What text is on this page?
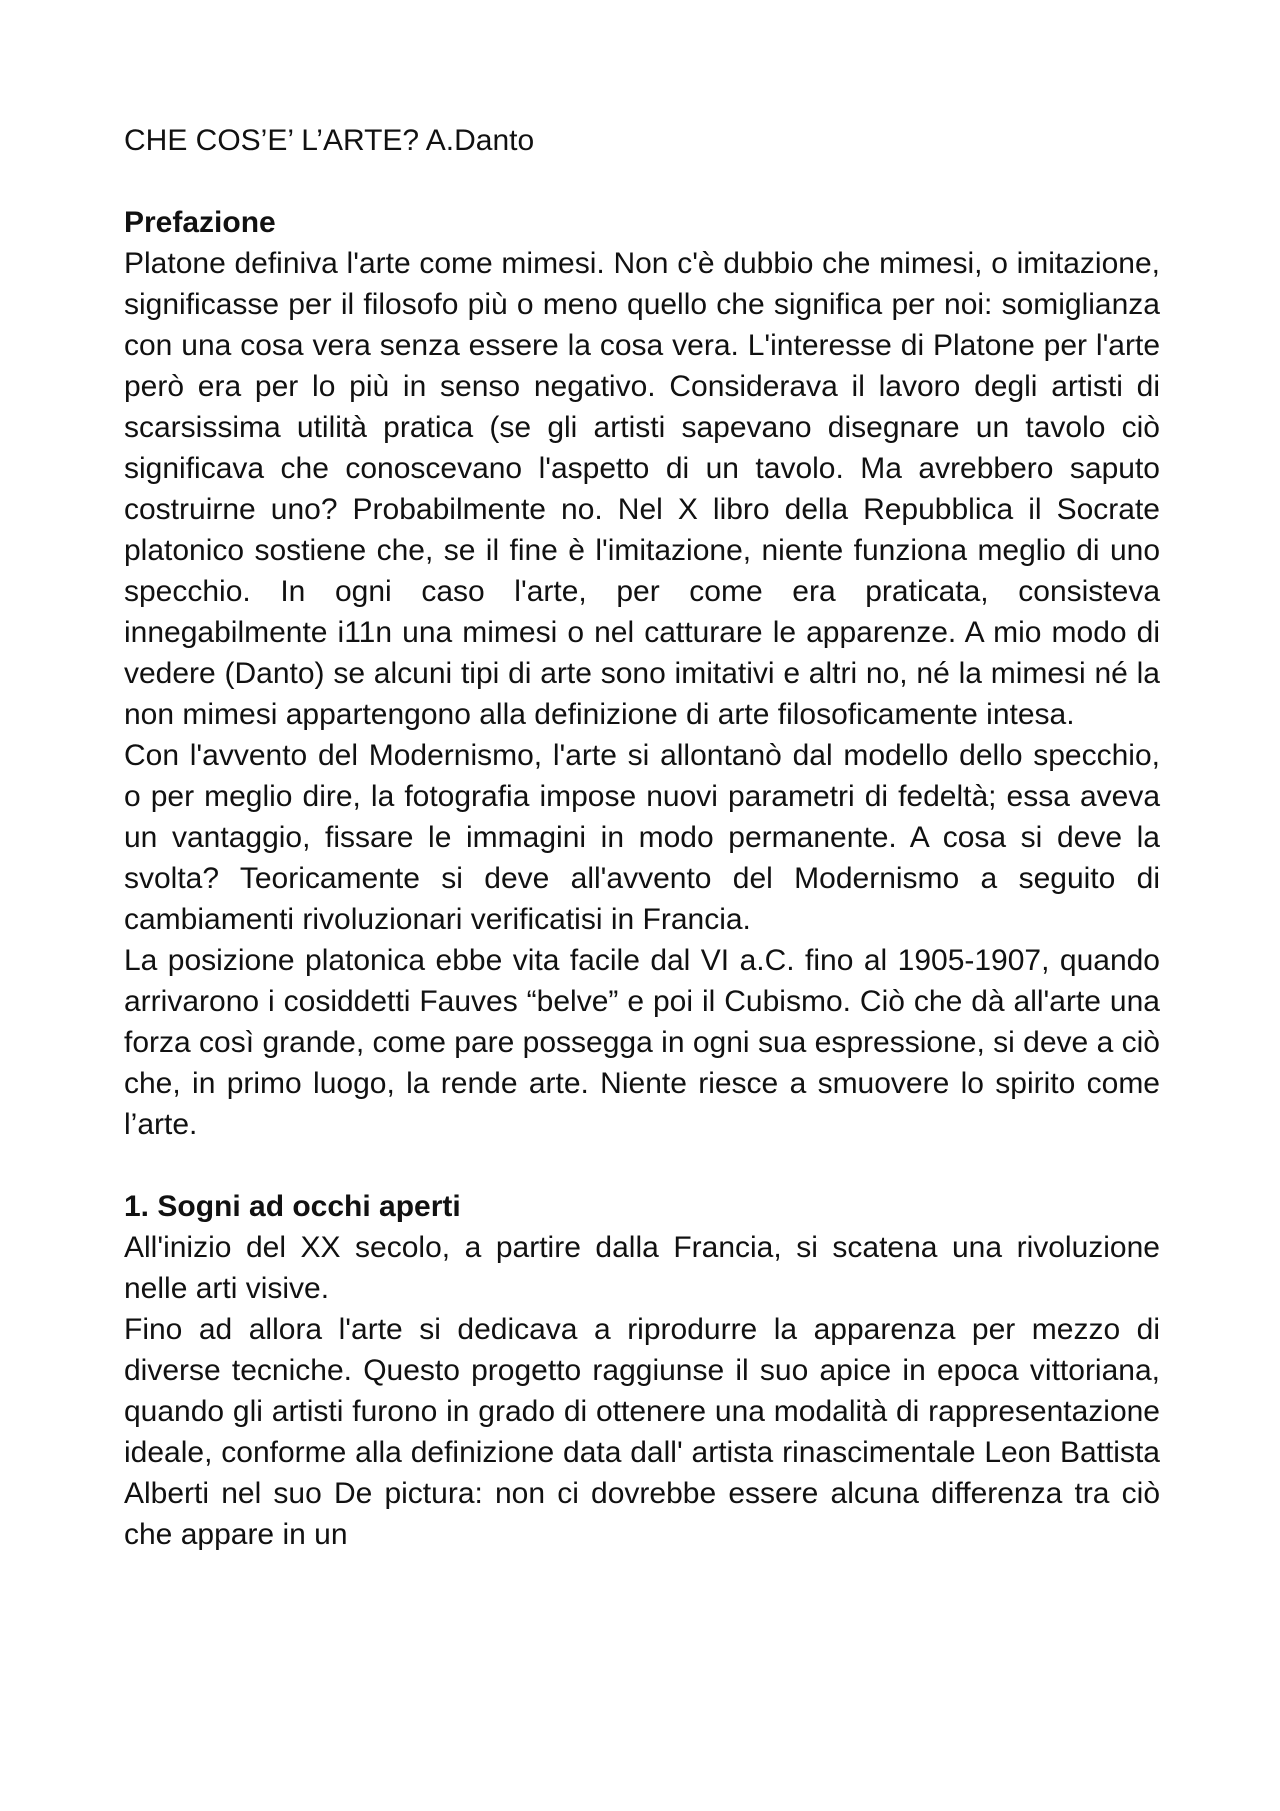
CHE COS’E’ L’ARTE? A.Danto
Prefazione

Platone definiva l'arte come mimesi. Non c'è dubbio che mimesi, o imitazione, significasse per il filosofo più o meno quello che significa per noi: somiglianza con una cosa vera senza essere la cosa vera. L'interesse di Platone per l'arte però era per lo più in senso negativo. Considerava il lavoro degli artisti di scarsissima utilità pratica (se gli artisti sapevano disegnare un tavolo ciò significava che conoscevano l'aspetto di un tavolo. Ma avrebbero saputo costruirne uno? Probabilmente no. Nel X libro della Repubblica il Socrate platonico sostiene che, se il fine è l'imitazione, niente funziona meglio di uno specchio. In ogni caso l'arte, per come era praticata, consisteva innegabilmente i11n una mimesi o nel catturare le apparenze. A mio modo di vedere (Danto) se alcuni tipi di arte sono imitativi e altri no, né la mimesi né la non mimesi appartengono alla definizione di arte filosoficamente intesa.

Con l'avvento del Modernismo, l'arte si allontanò dal modello dello specchio, o per meglio dire, la fotografia impose nuovi parametri di fedeltà; essa aveva un vantaggio, fissare le immagini in modo permanente. A cosa si deve la svolta? Teoricamente si deve all'avvento del Modernismo a seguito di cambiamenti rivoluzionari verificatisi in Francia.

La posizione platonica ebbe vita facile dal VI a.C. fino al 1905-1907, quando arrivarono i cosiddetti Fauves “belve” e poi il Cubismo. Ciò che dà all'arte una forza così grande, come pare possegga in ogni sua espressione, si deve a ciò che, in primo luogo, la rende arte. Niente riesce a smuovere lo spirito come l’arte.

1. Sogni ad occhi aperti

All'inizio del XX secolo, a partire dalla Francia, si scatena una rivoluzione nelle arti visive.

Fino ad allora l'arte si dedicava a riprodurre la apparenza per mezzo di diverse tecniche. Questo progetto raggiunse il suo apice in epoca vittoriana, quando gli artisti furono in grado di ottenere una modalità di rappresentazione ideale, conforme alla definizione data dall' artista rinascimentale Leon Battista Alberti nel suo De pictura: non ci dovrebbe essere alcuna differenza tra ciò che appare in un
